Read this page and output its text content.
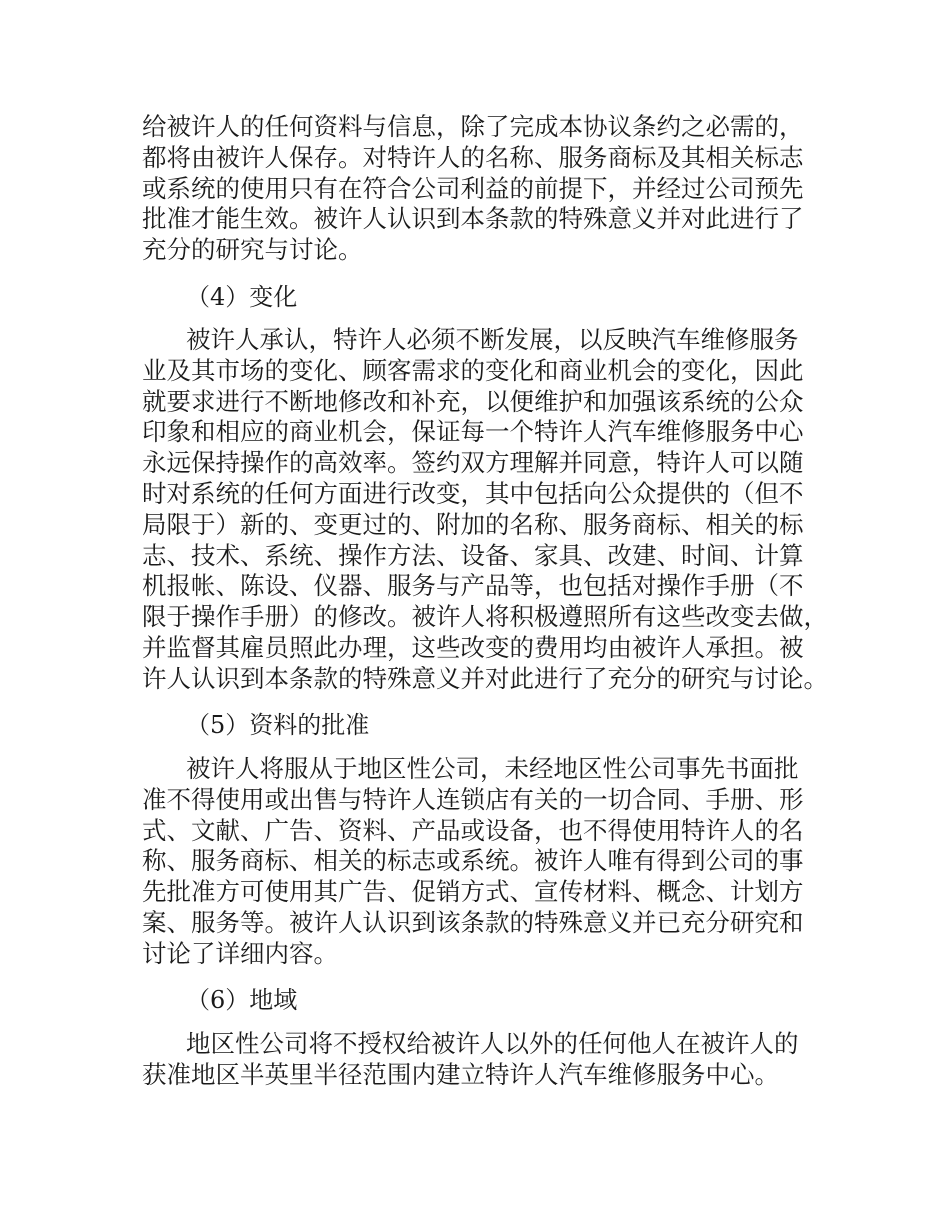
给被许人的任何资料与信息，除了完成本协议条约之必需的，
都将由被许人保存。对特许人的名称、服务商标及其相关标志
或系统的使用只有在符合公司利益的前提下，并经过公司预先
批准才能生效。被许人认识到本条款的特殊意义并对此进行了
充分的研究与讨论。
（4）变化
被许人承认，特许人必须不断发展，以反映汽车维修服务
业及其市场的变化、顾客需求的变化和商业机会的变化，因此
就要求进行不断地修改和补充，以便维护和加强该系统的公众
印象和相应的商业机会，保证每一个特许人汽车维修服务中心
永远保持操作的高效率。签约双方理解并同意，特许人可以随
时对系统的任何方面进行改变，其中包括向公众提供的（但不
局限于）新的、变更过的、附加的名称、服务商标、相关的标
志、技术、系统、操作方法、设备、家具、改建、时间、计算
机报帐、陈设、仪器、服务与产品等，也包括对操作手册（不
限于操作手册）的修改。被许人将积极遵照所有这些改变去做，
并监督其雇员照此办理，这些改变的费用均由被许人承担。被
许人认识到本条款的特殊意义并对此进行了充分的研究与讨论。
（5）资料的批准
被许人将服从于地区性公司，未经地区性公司事先书面批
准不得使用或出售与特许人连锁店有关的一切合同、手册、形
式、文献、广告、资料、产品或设备，也不得使用特许人的名
称、服务商标、相关的标志或系统。被许人唯有得到公司的事
先批准方可使用其广告、促销方式、宣传材料、概念、计划方
案、服务等。被许人认识到该条款的特殊意义并已充分研究和
讨论了详细内容。
（6）地域
地区性公司将不授权给被许人以外的任何他人在被许人的
获准地区半英里半径范围内建立特许人汽车维修服务中心。
